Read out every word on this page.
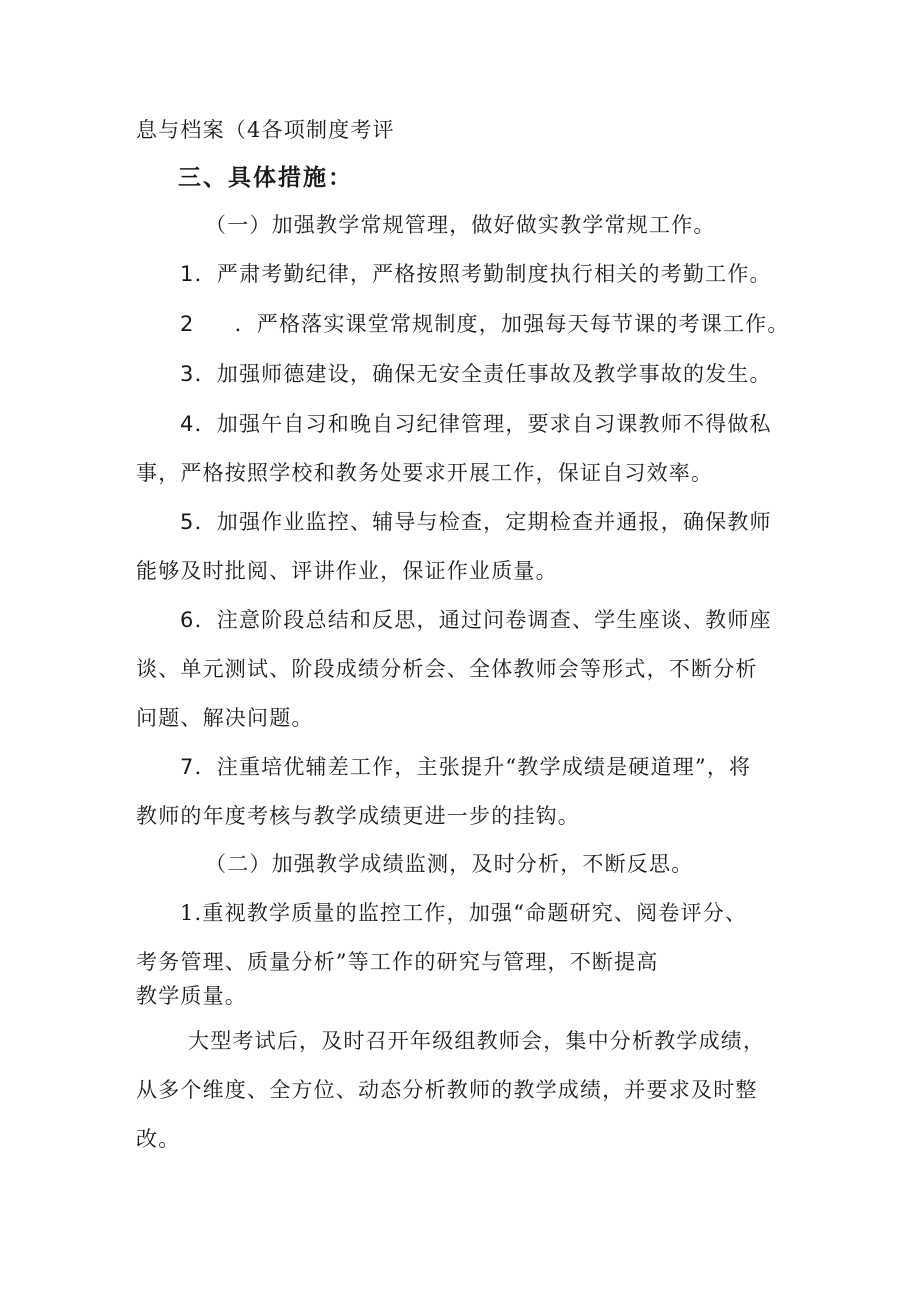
息与档案（4各项制度考评
三、具体措施：
（一）加强教学常规管理，做好做实教学常规工作。
1．严肃考勤纪律，严格按照考勤制度执行相关的考勤工作。
2 ．严格落实课堂常规制度，加强每天每节课的考课工作。
3．加强师德建设，确保无安全责任事故及教学事故的发生。
4．加强午自习和晚自习纪律管理，要求自习课教师不得做私
事，严格按照学校和教务处要求开展工作，保证自习效率。
5．加强作业监控、辅导与检查，定期检查并通报，确保教师
能够及时批阅、评讲作业，保证作业质量。
6．注意阶段总结和反思，通过问卷调查、学生座谈、教师座
谈、单元测试、阶段成绩分析会、全体教师会等形式，不断分析
问题、解决问题。
7．注重培优辅差工作，主张提升“教学成绩是硬道理”，将
教师的年度考核与教学成绩更进一步的挂钩。
（二）加强教学成绩监测，及时分析，不断反思。
1.重视教学质量的监控工作，加强“命题研究、阅卷评分、
考务管理、质量分析”等工作的研究与管理，不断提高
教学质量。
大型考试后，及时召开年级组教师会，集中分析教学成绩，
从多个维度、全方位、动态分析教师的教学成绩，并要求及时整
改。
